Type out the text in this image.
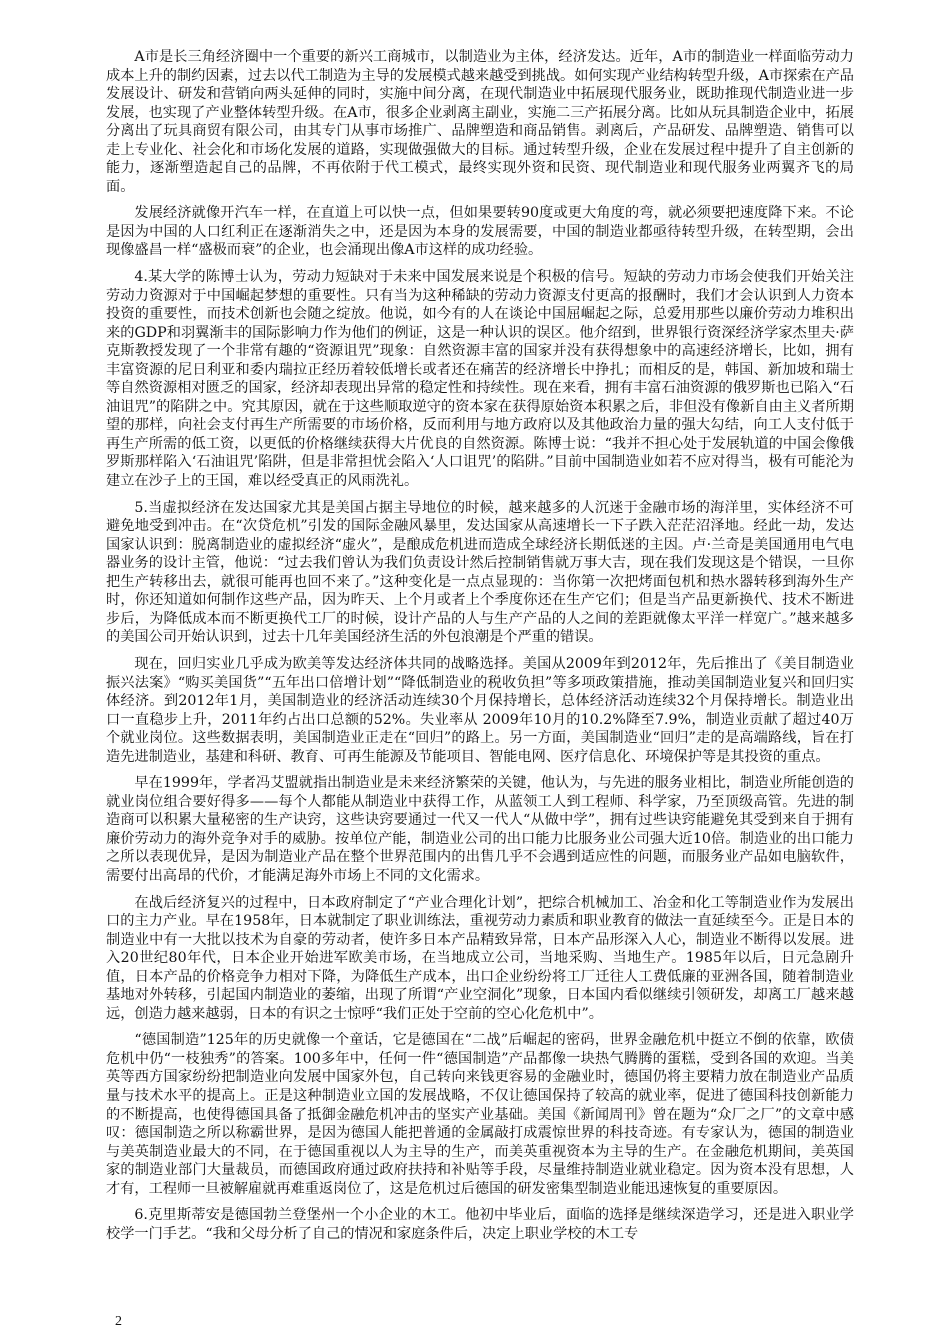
A市是长三角经济圈中一个重要的新兴工商城市，以制造业为主体，经济发达。近年，A市的制造业一样面临劳动力成本上升的制约因素，过去以代工制造为主导的发展模式越来越受到挑战。如何实现产业结构转型升级，A市探索在产品发展设计、研发和营销向两头延伸的同时，实施中间分离，在现代制造业中拓展现代服务业，既助推现代制造业进一步发展，也实现了产业整体转型升级。在A市，很多企业剥离主副业，实施二三产拓展分离。比如从玩具制造企业中，拓展分离出了玩具商贸有限公司，由其专门从事市场推广、品牌塑造和商品销售。剥离后，产品研发、品牌塑造、销售可以走上专业化、社会化和市场化发展的道路，实现做强做大的目标。通过转型升级，企业在发展过程中提升了自主创新的能力，逐渐塑造起自己的品牌，不再依附于代工模式，最终实现外资和民资、现代制造业和现代服务业两翼齐飞的局面。

发展经济就像开汽车一样，在直道上可以快一点，但如果要转90度或更大角度的弯，就必须要把速度降下来。不论是因为中国的人口红利正在逐渐消失之中，还是因为本身的发展需要，中国的制造业都亟待转型升级，在转型期，会出现像盛昌一样“盛极而衰”的企业，也会涌现出像A市这样的成功经验。

4.某大学的陈博士认为，劳动力短缺对于未来中国发展来说是个积极的信号。短缺的劳动力市场会使我们开始关注劳动力资源对于中国崛起梦想的重要性。只有当为这种稀缺的劳动力资源支付更高的报酬时，我们才会认识到人力资本投资的重要性，而技术创新也会随之绽放。他说，如今有的人在谈论中国屈崛起之际，总爱用那些以廉价劳动力堆积出来的GDP和羽翼渐丰的国际影响力作为他们的例证，这是一种认识的误区。他介绍到，世界银行资深经济学家杰里夫·萨克斯教授发现了一个非常有趣的“资源诅咒”现象：自然资源丰富的国家并没有获得想象中的高速经济增长，比如，拥有丰富资源的尼日利亚和委内瑞拉正经历着较低增长或者还在痛苦的经济增长中挣扎；而相反的是，韩国、新加坡和瑞士等自然资源相对匮乏的国家，经济却表现出异常的稳定性和持续性。现在来看，拥有丰富石油资源的俄罗斯也已陷入“石油诅咒”的陷阱之中。究其原因，就在于这些顺取逆守的资本家在获得原始资本积累之后，非但没有像新自由主义者所期望的那样，向社会支付再生产所需要的市场价格，反而利用与地方政府以及其他政治力量的强大勾结，向工人支付低于再生产所需的低工资，以更低的价格继续获得大片优良的自然资源。陈博士说：“我并不担心处于发展轨道的中国会像俄罗斯那样陷入‘石油诅咒’陷阱，但是非常担忧会陷入‘人口诅咒’的陷阱。”目前中国制造业如若不应对得当，极有可能沦为建立在沙子上的王国，难以经受真正的风雨洗礼。

5.当虚拟经济在发达国家尤其是美国占据主导地位的时候，越来越多的人沉迷于金融市场的海洋里，实体经济不可避免地受到冲击。在“次贷危机”引发的国际金融风暴里，发达国家从高速增长一下子跌入茫茫沼泽地。经此一劫，发达国家认识到：脱离制造业的虚拟经济“虚火”，是酿成危机进而造成全球经济长期低迷的主因。卢·兰奇是美国通用电气电器业务的设计主管，他说：“过去我们曾认为我们负责设计然后控制销售就万事大吉，现在我们发现这是个错误，一旦你把生产转移出去，就很可能再也回不来了。”这种变化是一点点显现的：当你第一次把烤面包机和热水器转移到海外生产时，你还知道如何制作这些产品，因为昨天、上个月或者上个季度你还在生产它们；但是当产品更新换代、技术不断进步后，为降低成本而不断更换代工厂的时候，设计产品的人与生产产品的人之间的差距就像太平洋一样宽广。”越来越多的美国公司开始认识到，过去十几年美国经济生活的外包浪潮是个严重的错误。

现在，回归实业几乎成为欧美等发达经济体共同的战略选择。美国从2009年到2012年，先后推出了《美目制造业振兴法案》“购买美国货”“五年出口倍增计划”“降低制造业的税收负担”等多项政策措施，推动美国制造业复兴和回归实体经济。到2012年1月，美国制造业的经济活动连续30个月保持增长，总体经济活动连续32个月保持增长。制造业出口一直稳步上升，2011年约占出口总额的52%。失业率从 2009年10月的10.2%降至7.9%，制造业贡献了超过40万个就业岗位。这些数据表明，美国制造业正走在“回归”的路上。另一方面，美国制造业“回归”走的是高端路线，旨在打造先进制造业，基建和科研、教育、可再生能源及节能项目、智能电网、医疗信息化、环境保护等是其投资的重点。

早在1999年，学者冯艾盟就指出制造业是未来经济繁荣的关键，他认为，与先进的服务业相比，制造业所能创造的就业岗位组合要好得多——每个人都能从制造业中获得工作，从蓝领工人到工程师、科学家，乃至顶级高管。先进的制造商可以积累大量秘密的生产诀窍，这些诀窍要通过一代又一代人“从做中学”，拥有过些诀窍能避免其受到来自于拥有廉价劳动力的海外竞争对手的威胁。按单位产能，制造业公司的出口能力比服务业公司强大近10倍。制造业的出口能力之所以表现优异，是因为制造业产品在整个世界范围内的出售几乎不会遇到适应性的问题，而服务业产品如电脑软件，需要付出高昂的代价，才能满足海外市场上不同的文化需求。

在战后经济复兴的过程中，日本政府制定了“产业合理化计划”，把综合机械加工、冶金和化工等制造业作为发展出口的主力产业。早在1958年，日本就制定了职业训练法，重视劳动力素质和职业教育的做法一直延续至今。正是日本的制造业中有一大批以技术为自豪的劳动者，使许多日本产品精致异常，日本产品形深入人心，制造业不断得以发展。进入20世纪80年代，日本企业开始进军欧美市场，在当地成立公司，当地采购、当地生产。1985年以后，日元急剧升值，日本产品的价格竞争力相对下降，为降低生产成本，出口企业纷纷将工厂迁往人工费低廉的亚洲各国，随着制造业基地对外转移，引起国内制造业的萎缩，出现了所谓“产业空洞化”现象，日本国内看似继续引领研发，却离工厂越来越远，创造力越来越弱，日本的有识之士惊呼“我们正处于空前的空心化危机中”。

“德国制造”125年的历史就像一个童话，它是德国在“二战”后崛起的密码，世界金融危机中挺立不倒的依靠，欧债危机中仍“一枝独秀”的答案。100多年中，任何一件“德国制造”产品都像一块热气腾腾的蛋糕，受到各国的欢迎。当美英等西方国家纷纷把制造业向发展中国家外包，自己转向来钱更容易的金融业时，德国仍将主要精力放在制造业产品质量与技术水平的提高上。正是这种制造业立国的发展战略，不仅让德国保持了较高的就业率，促进了德国科技创新能力的不断提高，也使得德国具备了抵御金融危机冲击的坚实产业基础。美国《新闻周刊》曾在题为“众厂之厂”的文章中感叹：德国制造之所以称霸世界，是因为德国人能把普通的金属敲打成震惊世界的科技奇迹。有专家认为，德国的制造业与美英制造业最大的不同，在于德国重视以人为主导的生产，而美英重视资本为主导的生产。在金融危机期间，美英国家的制造业部门大量裁员，而德国政府通过政府扶持和补贴等手段，尽量维持制造业就业稳定。因为资本没有思想，人才有，工程师一旦被解雇就再难重返岗位了，这是危机过后德国的研发密集型制造业能迅速恢复的重要原因。

6.克里斯蒂安是德国勃兰登堡州一个小企业的木工。他初中毕业后，面临的选择是继续深造学习，还是进入职业学校学一门手艺。“我和父母分析了自己的情况和家庭条件后，决定上职业学校的木工专

2
